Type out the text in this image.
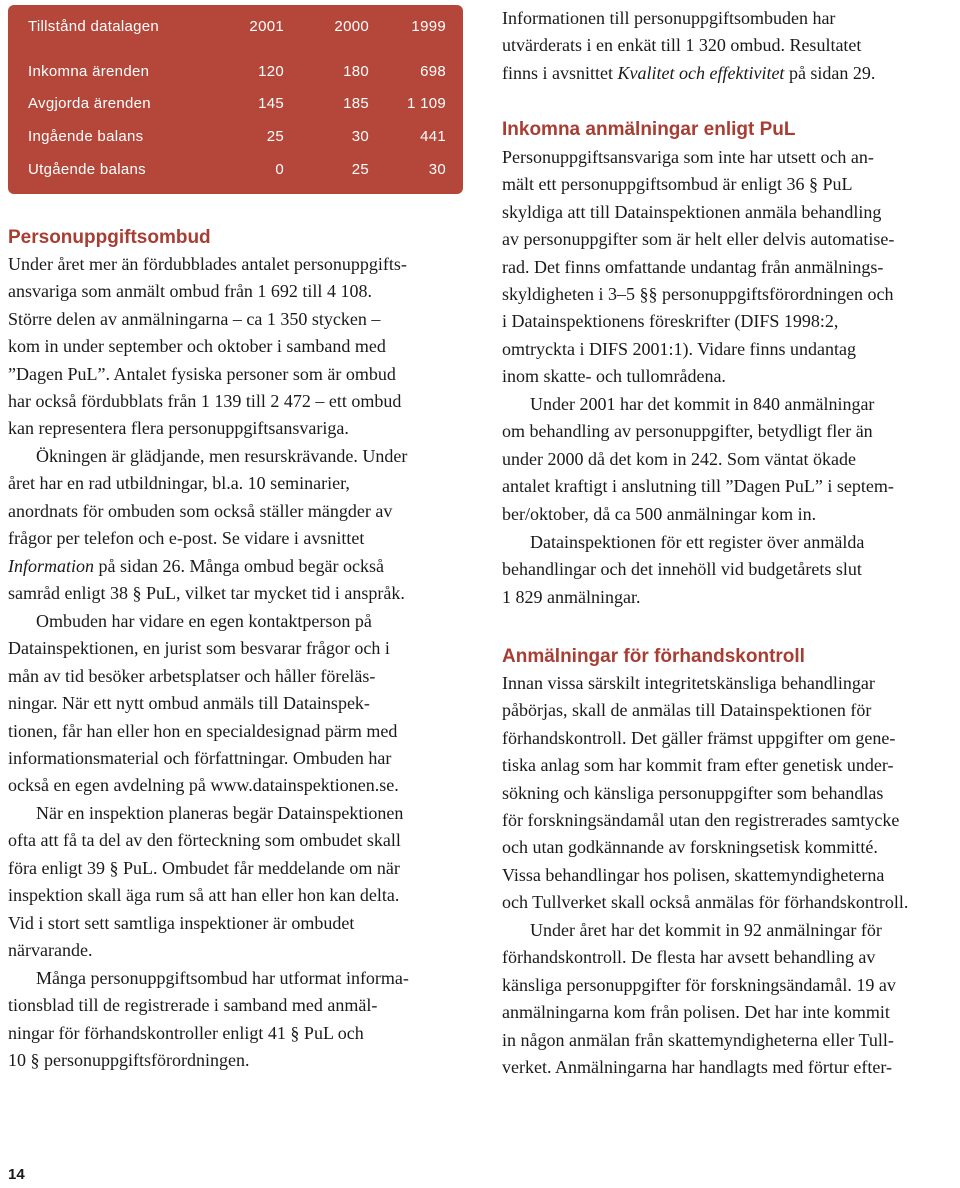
Tillstånd datalagen	2001	2000	1999
Inkomna ärenden	120	180	698
Avgjorda ärenden	145	185	1 109
Ingående balans	25	30	441
Utgående balans	0	25	30
Personuppgiftsombud
Under året mer än fördubblades antalet personuppgifts-
ansvariga som anmält ombud från 1 692 till 4 108.
Större delen av anmälningarna – ca 1 350 stycken –
kom in under september och oktober i samband med
”Dagen PuL”. Antalet fysiska personer som är ombud
har också fördubblats från 1 139 till 2 472 – ett ombud
kan representera flera personuppgiftsansvariga.
Ökningen är glädjande, men resurskrävande. Under
året har en rad utbildningar, bl.a. 10 seminarier,
anordnats för ombuden som också ställer mängder av
frågor per telefon och e-post. Se vidare i avsnittet
Information på sidan 26. Många ombud begär också
samråd enligt 38 § PuL, vilket tar mycket tid i anspråk.
Ombuden har vidare en egen kontaktperson på
Datainspektionen, en jurist som besvarar frågor och i
mån av tid besöker arbetsplatser och håller föreläs-
ningar. När ett nytt ombud anmäls till Datainspek-
tionen, får han eller hon en specialdesignad pärm med
informationsmaterial och författningar. Ombuden har
också en egen avdelning på www.datainspektionen.se.
När en inspektion planeras begär Datainspektionen
ofta att få ta del av den förteckning som ombudet skall
föra enligt 39 § PuL. Ombudet får meddelande om när
inspektion skall äga rum så att han eller hon kan delta.
Vid i stort sett samtliga inspektioner är ombudet
närvarande.
Många personuppgiftsombud har utformat informa-
tionsblad till de registrerade i samband med anmäl-
ningar för förhandskontroller enligt 41 § PuL och
10 § personuppgiftsförordningen.
Informationen till personuppgiftsombuden har
utvärderats i en enkät till 1 320 ombud. Resultatet
finns i avsnittet Kvalitet och effektivitet på sidan 29.
Inkomna anmälningar enligt PuL
Personuppgiftsansvariga som inte har utsett och an-
mält ett personuppgiftsombud är enligt 36 § PuL
skyldiga att till Datainspektionen anmäla behandling
av personuppgifter som är helt eller delvis automatise-
rad. Det finns omfattande undantag från anmälnings-
skyldigheten i 3–5 §§ personuppgiftsförordningen och
i Datainspektionens föreskrifter (DIFS 1998:2,
omtryckta i DIFS 2001:1). Vidare finns undantag
inom skatte- och tullområdena.
Under 2001 har det kommit in 840 anmälningar
om behandling av personuppgifter, betydligt fler än
under 2000 då det kom in 242. Som väntat ökade
antalet kraftigt i anslutning till ”Dagen PuL” i septem-
ber/oktober, då ca 500 anmälningar kom in.
Datainspektionen för ett register över anmälda
behandlingar och det innehöll vid budgetårets slut
1 829 anmälningar.
Anmälningar för förhandskontroll
Innan vissa särskilt integritetskänsliga behandlingar
påbörjas, skall de anmälas till Datainspektionen för
förhandskontroll. Det gäller främst uppgifter om gene-
tiska anlag som har kommit fram efter genetisk under-
sökning och känsliga personuppgifter som behandlas
för forskningsändamål utan den registrerades samtycke
och utan godkännande av forskningsetisk kommitté.
Vissa behandlingar hos polisen, skattemyndigheterna
och Tullverket skall också anmälas för förhandskontroll.
Under året har det kommit in 92 anmälningar för
förhandskontroll. De flesta har avsett behandling av
känsliga personuppgifter för forskningsändamål. 19 av
anmälningarna kom från polisen. Det har inte kommit
in någon anmälan från skattemyndigheterna eller Tull-
verket. Anmälningarna har handlagts med förtur efter-
14
